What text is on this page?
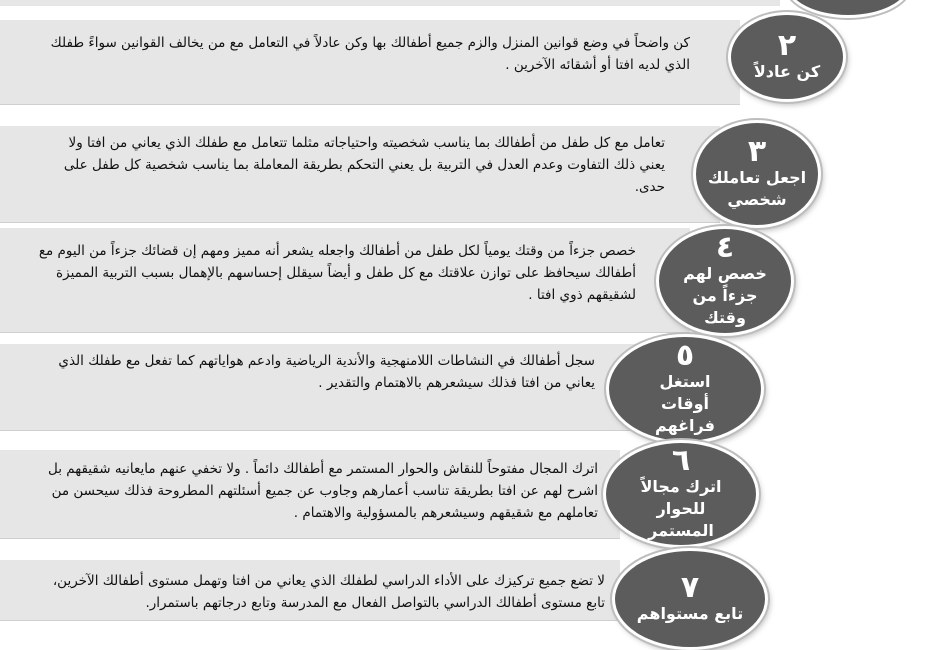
كن واضحاً في وضع قوانين المنزل والزم جميع أطفالك بها وكن عادلاً في التعامل مع من يخالف القوانين سواءً طفلك الذي لديه افتا أو أشقائه الآخرين .
٢
كن عادلاً
تعامل مع كل طفل من أطفالك بما يناسب شخصيته واحتياجاته مثلما تتعامل مع طفلك الذي يعاني من افتا ولا يعني ذلك التفاوت وعدم العدل في التربية بل يعني التحكم بطريقة المعاملة بما يناسب شخصية كل طفل على حدى.
٣
اجعل تعاملك شخصي
خصص جزءاً من وقتك يومياً لكل طفل من أطفالك واجعله يشعر أنه مميز ومهم إن قضائك جزءاً من اليوم مع أطفالك سيحافظ على توازن علاقتك مع كل طفل و أيضاً سيقلل إحساسهم بالإهمال بسبب التربية المميزة لشقيقهم ذوي افتا .
٤
خصص لهم جزءاً من وقتك
سجل أطفالك في النشاطات اللامنهجية والأندية الرياضية وادعم هواياتهم كما تفعل مع طفلك الذي يعاني من افتا فذلك سيشعرهم بالاهتمام والتقدير .
٥
استغل أوقات فراغهم
اترك المجال مفتوحاً للنقاش والحوار المستمر مع أطفالك دائماً . ولا تخفي عنهم مايعانيه شقيقهم بل اشرح لهم عن افتا بطريقة تناسب أعمارهم وجاوب عن جميع أسئلتهم المطروحة فذلك سيحسن من تعاملهم مع شقيقهم وسيشعرهم بالمسؤولية والاهتمام .
٦
اترك مجالاً للحوار المستمر
لا تضع جميع تركيزك على الأداء الدراسي لطفلك الذي يعاني من افتا وتهمل مستوى أطفالك الآخرين، تابع مستوى أطفالك الدراسي بالتواصل الفعال مع المدرسة وتابع درجاتهم باستمرار.	٧
تابع مستواهم
